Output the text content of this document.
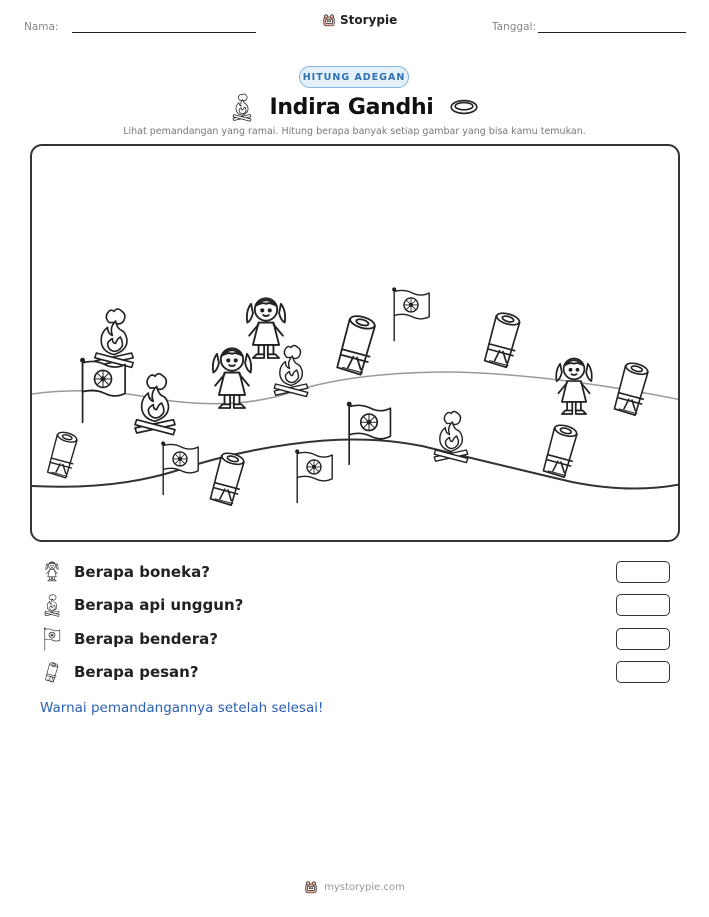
Nama:	Storypie	Tanggal:
HITUNG ADEGAN
Indira Gandhi
Lihat pemandangan yang ramai. Hitung berapa banyak setiap gambar yang bisa kamu temukan.
Berapa boneka?
Berapa api unggun?
Berapa bendera?
Berapa pesan?
Warnai pemandangannya setelah selesai!
mystorypie.com
